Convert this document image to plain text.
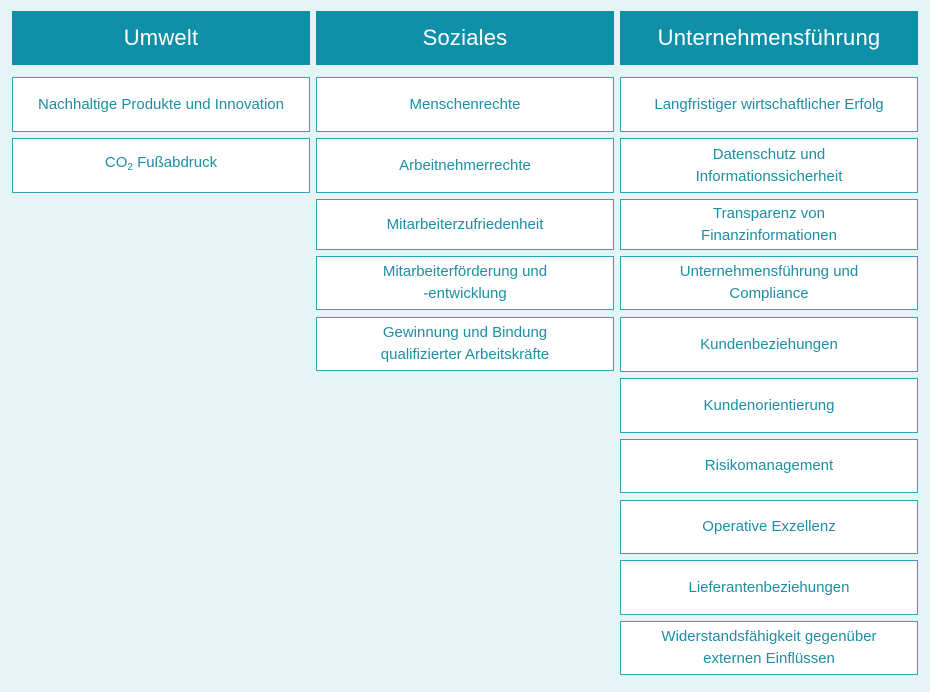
Umwelt
Nachhaltige Produkte und Innovation
$CO_2$ Fußabdruck
Soziales
Menschenrechte
Arbeitnehmerrechte
Mitarbeiterzufriedenheit
Mitarbeiterförderung und
-entwicklung
Gewinnung und Bindung
qualifizierter Arbeitskräfte
Unternehmensführung
Langfristiger wirtschaftlicher Erfolg
Datenschutz und
Informationssicherheit
Transparenz von
Finanzinformationen
Unternehmensführung und
Compliance
Kundenbeziehungen
Kundenorientierung
Risikomanagement
Operative Exzellenz
Lieferantenbeziehungen
Widerstandsfähigkeit gegenüber
externen Einflüssen
